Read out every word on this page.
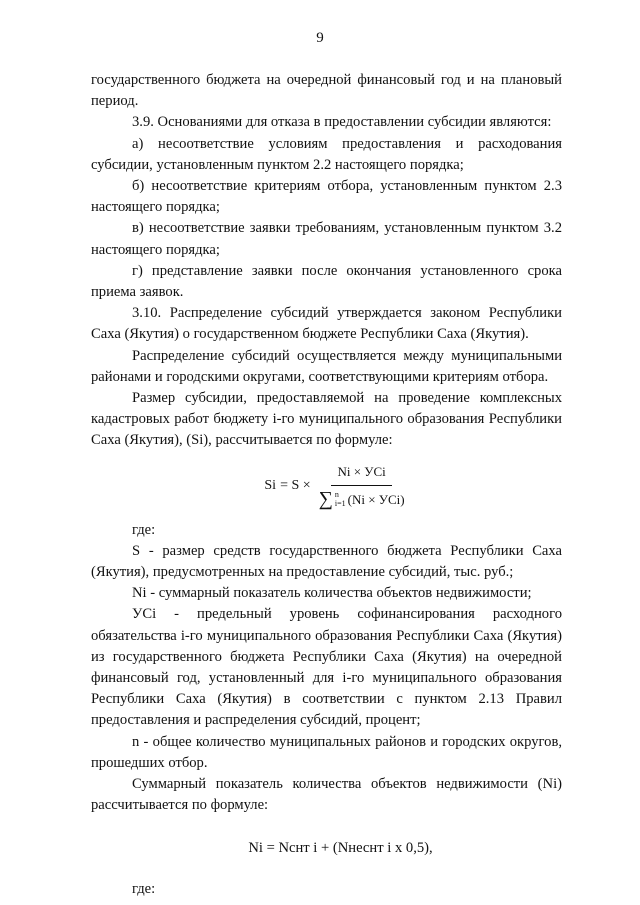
9

государственного бюджета на очередной финансовый год и на плановый период.

3.9. Основаниями для отказа в предоставлении субсидии являются:

а) несоответствие условиям предоставления и расходования субсидии, установленным пунктом 2.2 настоящего порядка;

б) несоответствие критериям отбора, установленным пунктом 2.3 настоящего порядка;

в) несоответствие заявки требованиям, установленным пунктом 3.2 настоящего порядка;

г) представление заявки после окончания установленного срока приема заявок.

3.10. Распределение субсидий утверждается законом Республики Саха (Якутия) о государственном бюджете Республики Саха (Якутия).

Распределение субсидий осуществляется между муниципальными районами и городскими округами, соответствующими критериям отбора.

Размер субсидии, предоставляемой на проведение комплексных кадастровых работ бюджету i-го муниципального образования Республики Саха (Якутия), (Si), рассчитывается по формуле:

Si = S ×
Ni × УСi
∑ n
i=1 (Ni × УСi)

где:

S - размер средств государственного бюджета Республики Саха (Якутия), предусмотренных на предоставление субсидий, тыс. руб.;

Ni - суммарный показатель количества объектов недвижимости;

УСi - предельный уровень софинансирования расходного обязательства i-го муниципального образования Республики Саха (Якутия) из государственного бюджета Республики Саха (Якутия) на очередной финансовый год, установленный для i-го муниципального образования Республики Саха (Якутия) в соответствии с пунктом 2.13 Правил предоставления и распределения субсидий, процент;

n - общее количество муниципальных районов и городских округов, прошедших отбор.

Суммарный показатель количества объектов недвижимости (Ni) рассчитывается по формуле:

Ni = Nснт i + (Nнеснт i х 0,5),

где:
